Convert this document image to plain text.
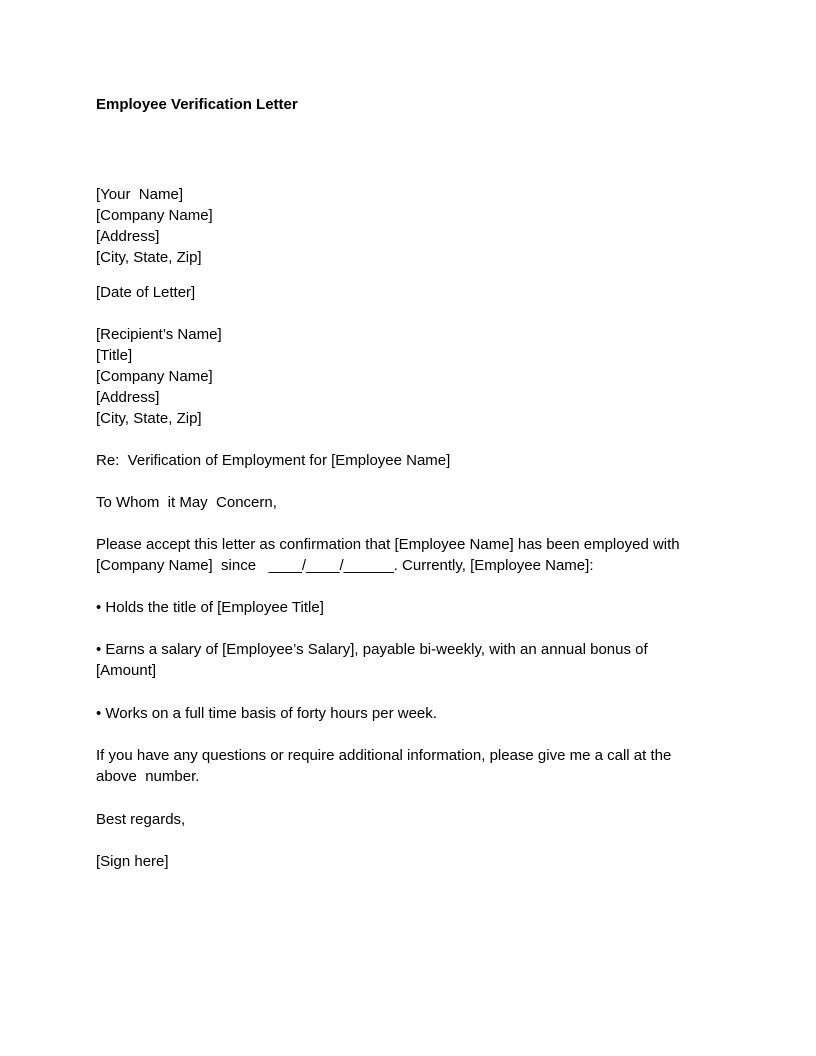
Employee Verification Letter
[Your  Name]
[Company Name]
[Address]
[City, State, Zip]

[Date of Letter]

[Recipient’s Name]
[Title]
[Company Name]
[Address]
[City, State, Zip]

Re:  Verification of Employment for [Employee Name]

To Whom  it May  Concern,

Please accept this letter as confirmation that [Employee Name] has been employed with
[Company Name]  since   ____/____/______. Currently, [Employee Name]:

• Holds the title of [Employee Title]

• Earns a salary of [Employee’s Salary], payable bi-weekly, with an annual bonus of
[Amount]

• Works on a full time basis of forty hours per week.

If you have any questions or require additional information, please give me a call at the
above  number.

Best regards,

[Sign here]
